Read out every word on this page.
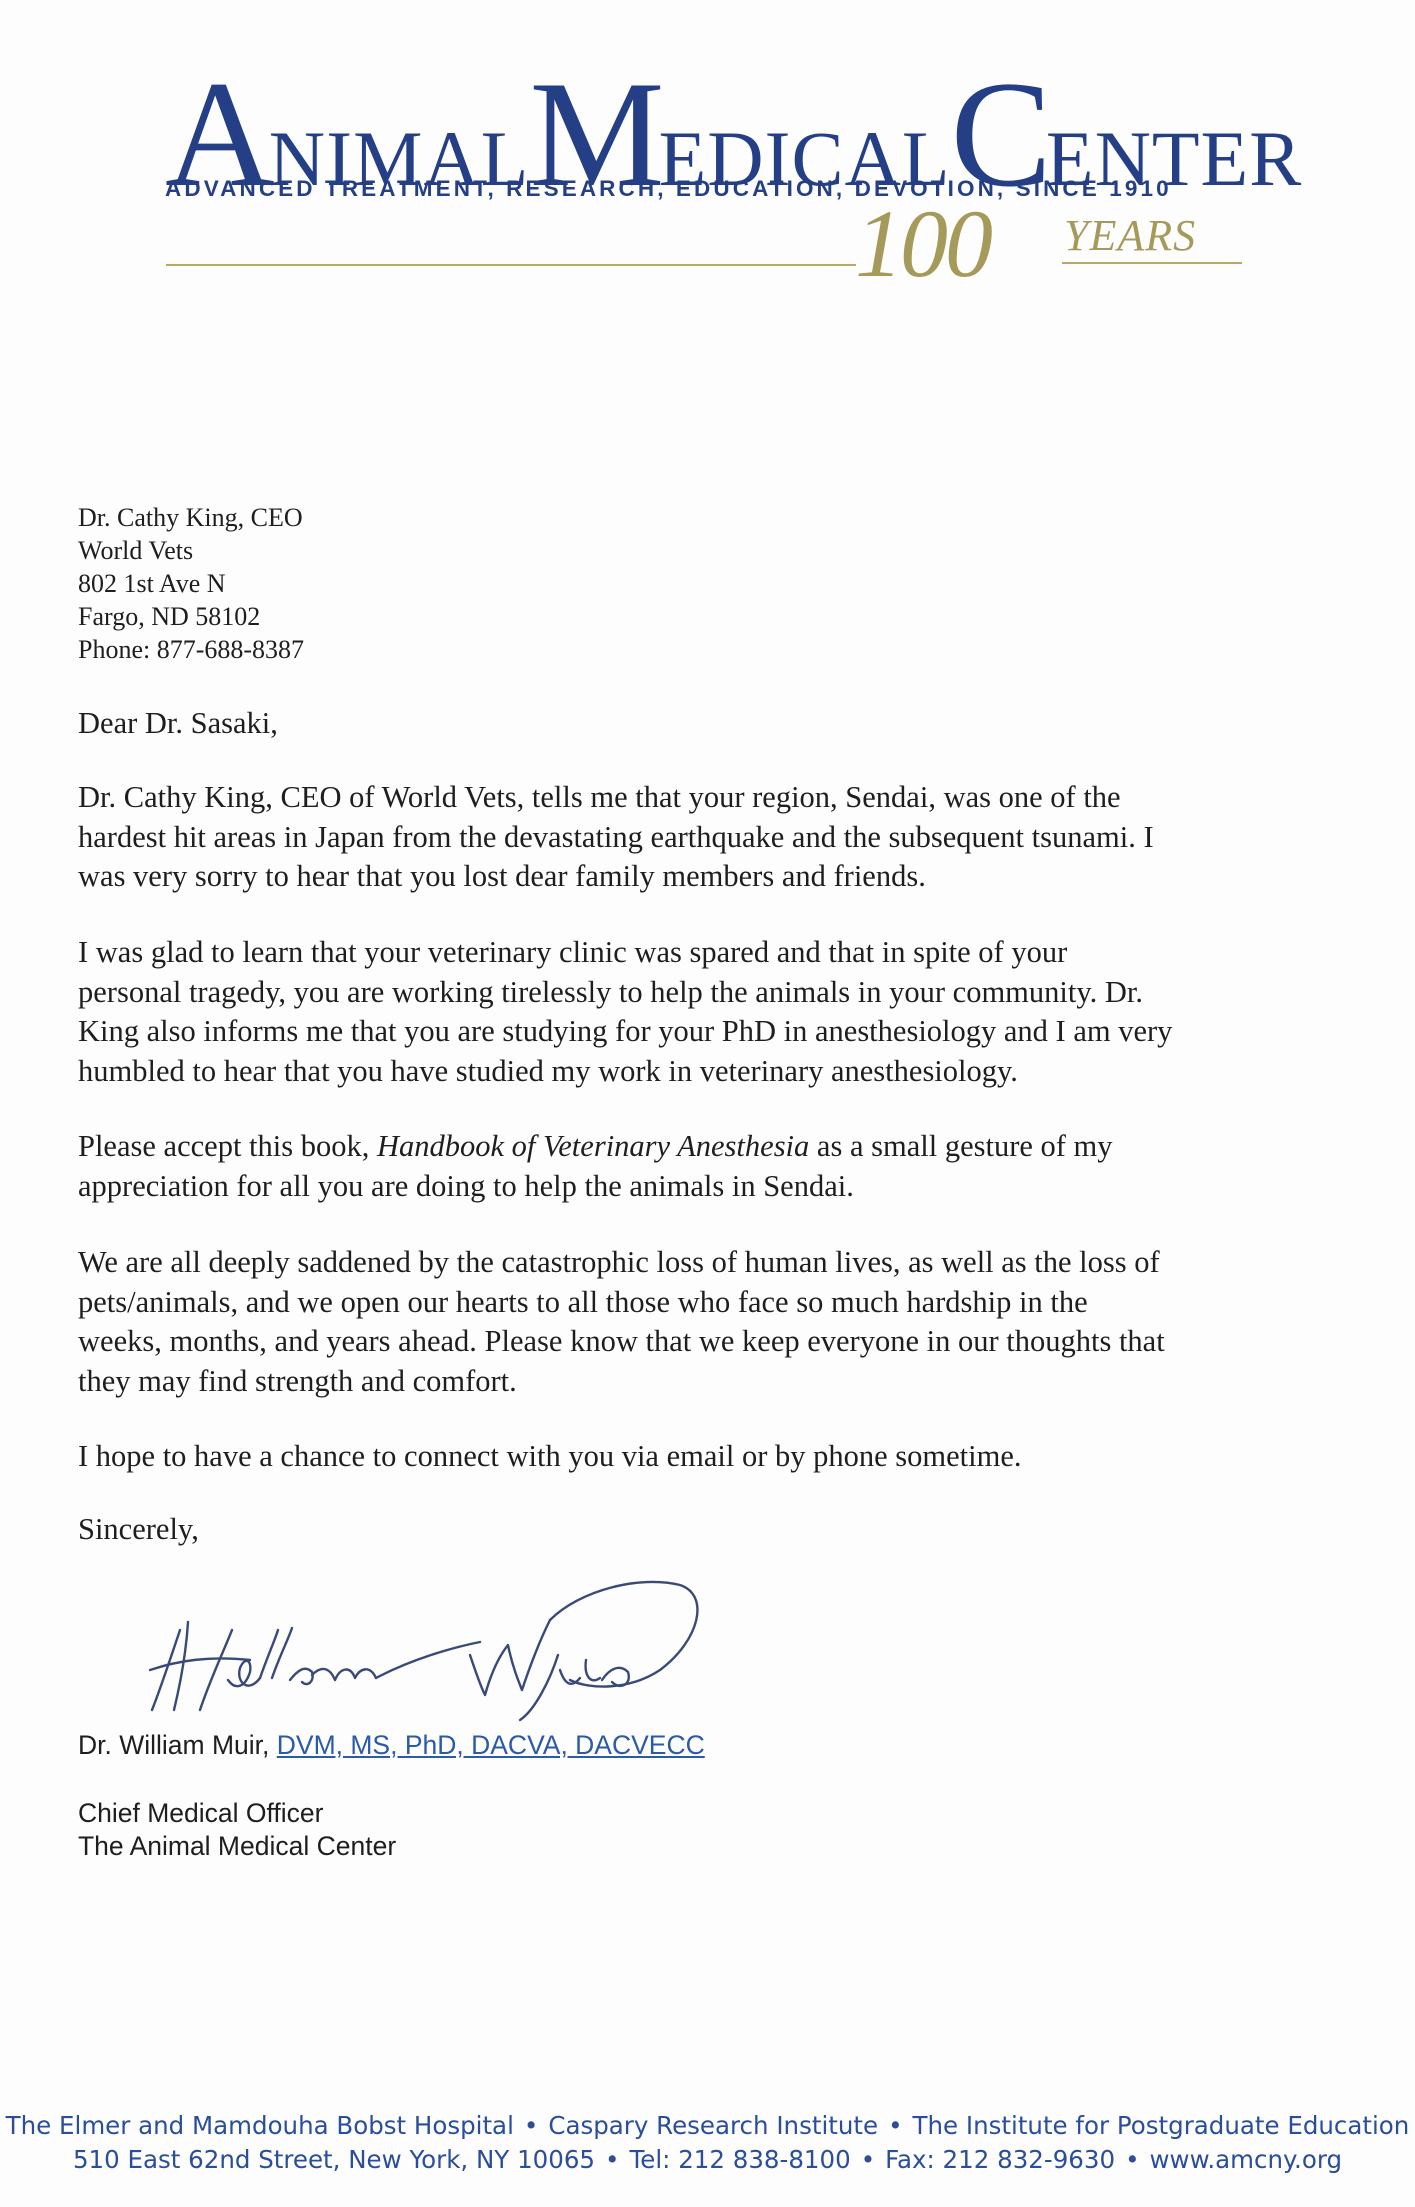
ANIMALMEDICALCENTER
ADVANCED TREATMENT, RESEARCH, EDUCATION, DEVOTION, SINCE 1910
100 YEARS
Dr. Cathy King, CEO
World Vets
802 1st Ave N
Fargo, ND 58102
Phone: 877-688-8387
Dear Dr. Sasaki,
Dr. Cathy King, CEO of World Vets, tells me that your region, Sendai, was one of the
hardest hit areas in Japan from the devastating earthquake and the subsequent tsunami. I
was very sorry to hear that you lost dear family members and friends.
I was glad to learn that your veterinary clinic was spared and that in spite of your
personal tragedy, you are working tirelessly to help the animals in your community. Dr.
King also informs me that you are studying for your PhD in anesthesiology and I am very
humbled to hear that you have studied my work in veterinary anesthesiology.
Please accept this book, Handbook of Veterinary Anesthesia as a small gesture of my
appreciation for all you are doing to help the animals in Sendai.
We are all deeply saddened by the catastrophic loss of human lives, as well as the loss of
pets/animals, and we open our hearts to all those who face so much hardship in the
weeks, months, and years ahead. Please know that we keep everyone in our thoughts that
they may find strength and comfort.
I hope to have a chance to connect with you via email or by phone sometime.
Sincerely,
Dr. William Muir, DVM, MS, PhD, DACVA, DACVECC
Chief Medical Officer
The Animal Medical Center
The Elmer and Mamdouha Bobst Hospital • Caspary Research Institute • The Institute for Postgraduate Education
510 East 62nd Street, New York, NY 10065 • Tel: 212 838-8100 • Fax: 212 832-9630 • www.amcny.org
